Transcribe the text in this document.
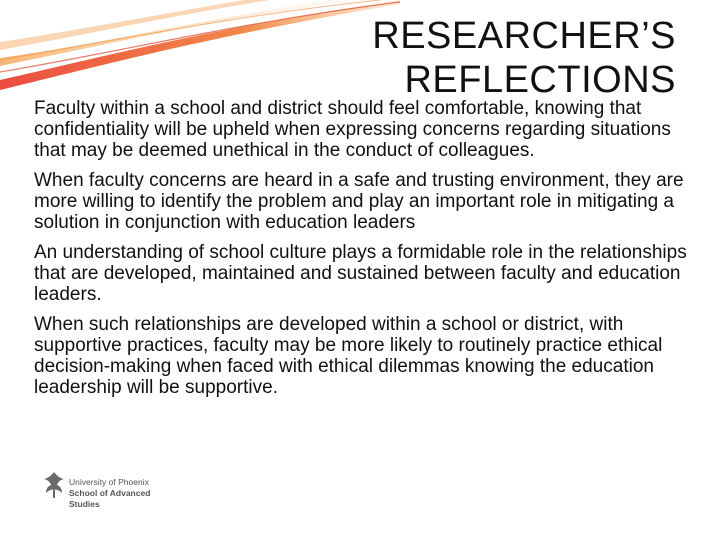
RESEARCHER’S
REFLECTIONS

Faculty within a school and district should feel comfortable, knowing that confidentiality will be upheld when expressing concerns regarding situations that may be deemed unethical in the conduct of colleagues.

When faculty concerns are heard in a safe and trusting environment, they are more willing to identify the problem and play an important role in mitigating a solution in conjunction with education leaders

An understanding of school culture plays a formidable role in the relationships that are developed, maintained and sustained between faculty and education leaders.

When such relationships are developed within a school or district, with supportive practices, faculty may be more likely to routinely practice ethical decision-making when faced with ethical dilemmas knowing the education leadership will be supportive.

University of Phoenix
School of Advanced
Studies
